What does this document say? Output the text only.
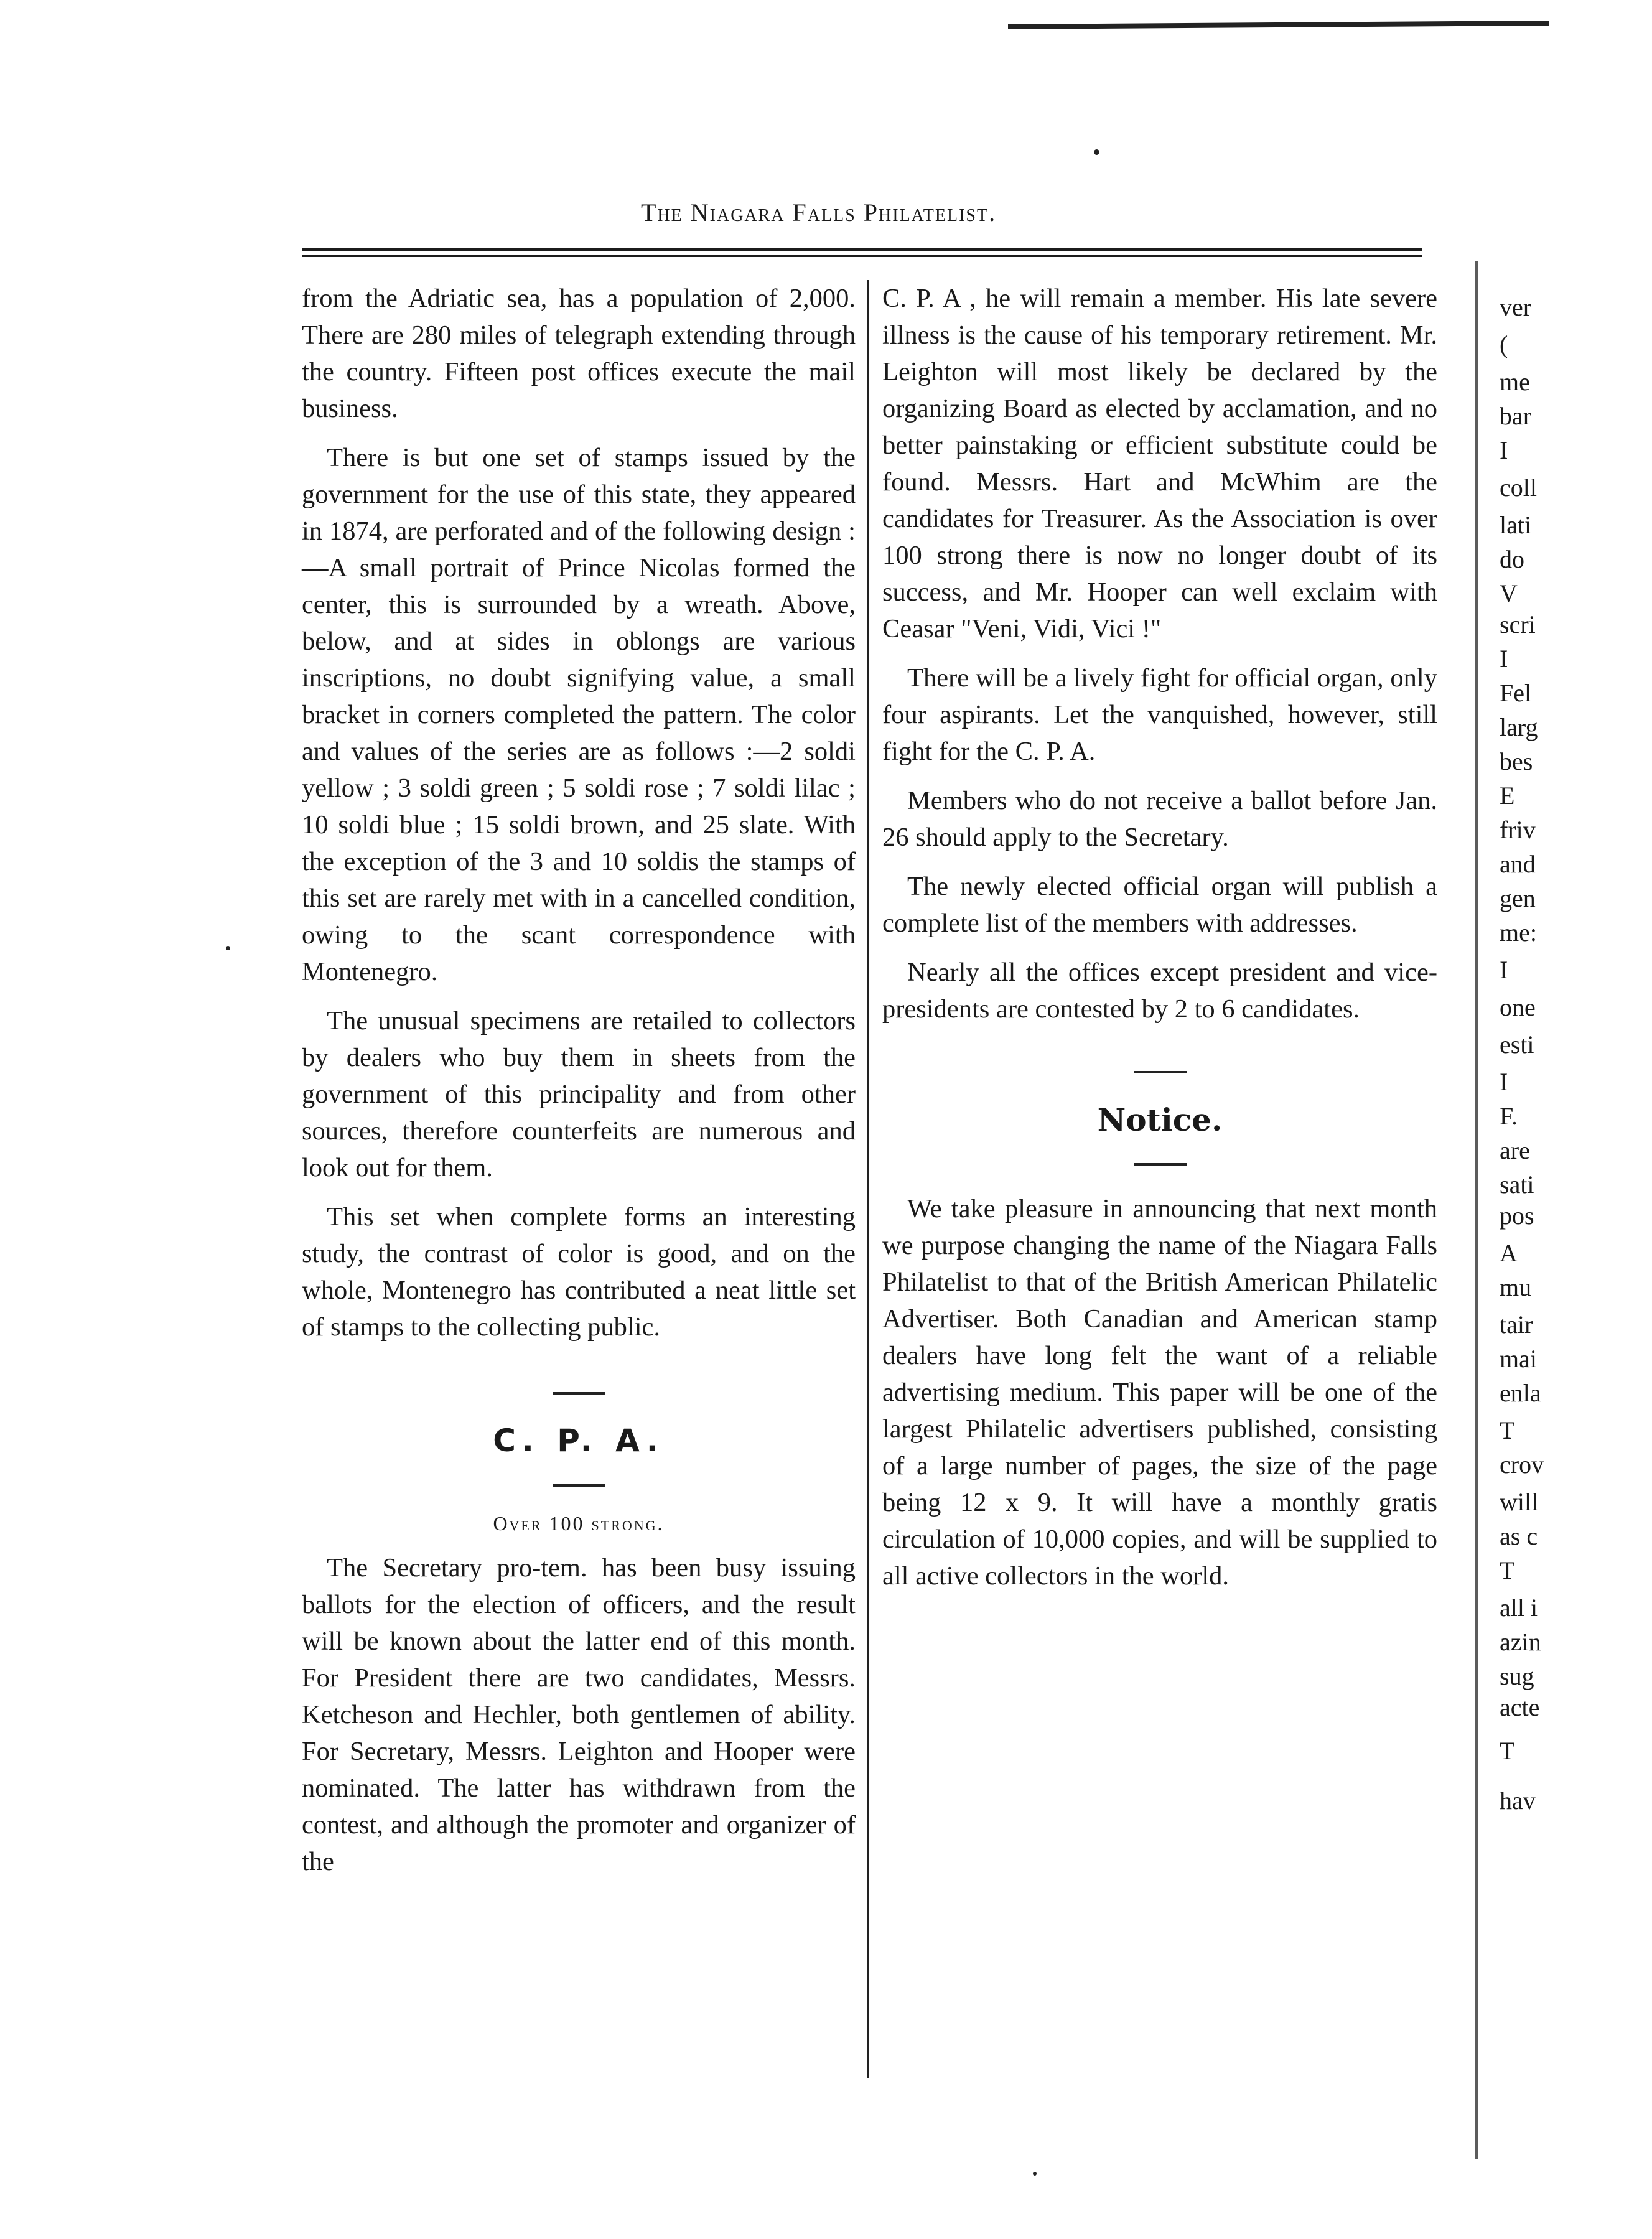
The Niagara Falls Philatelist.

from the Adriatic sea, has a population of 2,000. There are 280 miles of telegraph extending through the country. Fifteen post offices execute the mail business.

There is but one set of stamps issued by the government for the use of this state, they appeared in 1874, are perforated and of the following design :—A small portrait of Prince Nicolas formed the center, this is surrounded by a wreath. Above, below, and at sides in oblongs are various inscriptions, no doubt signifying value, a small bracket in corners completed the pattern. The color and values of the series are as follows :—2 soldi yellow ; 3 soldi green ; 5 soldi rose ; 7 soldi lilac ; 10 soldi blue ; 15 soldi brown, and 25 slate. With the exception of the 3 and 10 soldis the stamps of this set are rarely met with in a cancelled condition, owing to the scant correspondence with Montenegro.

The unusual specimens are retailed to collectors by dealers who buy them in sheets from the government of this principality and from other sources, therefore counterfeits are numerous and look out for them.

This set when complete forms an interesting study, the contrast of color is good, and on the whole, Montenegro has contributed a neat little set of stamps to the collecting public.

C. P. A.
Over 100 strong.

The Secretary pro-tem. has been busy issuing ballots for the election of officers, and the result will be known about the latter end of this month. For President there are two candidates, Messrs. Ketcheson and Hechler, both gentlemen of ability. For Secretary, Messrs. Leighton and Hooper were nominated. The latter has withdrawn from the contest, and although the promoter and organizer of the

C. P. A , he will remain a member. His late severe illness is the cause of his temporary retirement. Mr. Leighton will most likely be declared by the organizing Board as elected by acclamation, and no better painstaking or efficient substitute could be found. Messrs. Hart and McWhim are the candidates for Treasurer. As the Association is over 100 strong there is now no longer doubt of its success, and Mr. Hooper can well exclaim with Ceasar "Veni, Vidi, Vici !"

There will be a lively fight for official organ, only four aspirants. Let the vanquished, however, still fight for the C. P. A.

Members who do not receive a ballot before Jan. 26 should apply to the Secretary.

The newly elected official organ will publish a complete list of the members with addresses.

Nearly all the offices except president and vice-presidents are contested by 2 to 6 candidates.

Notice.

We take pleasure in announcing that next month we purpose changing the name of the Niagara Falls Philatelist to that of the British American Philatelic Advertiser. Both Canadian and American stamp dealers have long felt the want of a reliable advertising medium. This paper will be one of the largest Philatelic advertisers published, consisting of a large number of pages, the size of the page being 12 x 9. It will have a monthly gratis circulation of 10,000 copies, and will be supplied to all active collectors in the world.

ver
(
me
bar
I
coll
lati
do
V
scri
I
Fel
larg
bes
E
friv
and
gen
me:
I
one
esti
I
F.
are
sati
pos
A
mu
tair
mai
enla
T
crov
will
as c
T
all i
azin
sug
acte
T
hav
